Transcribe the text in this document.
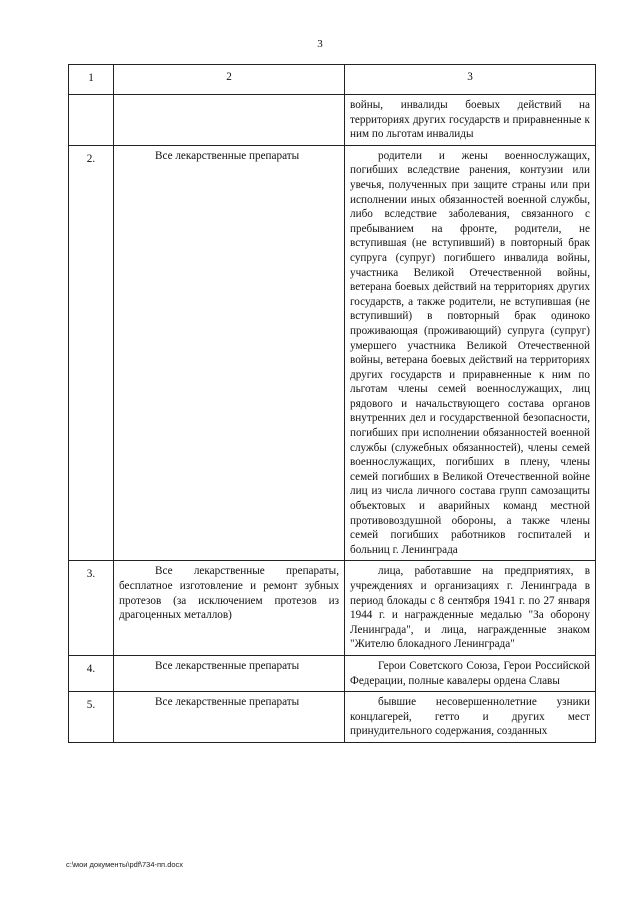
3
1	2	3

		войны, инвалиды боевых действий на территориях других государств и приравненные к ним по льготам инвалиды

2.	Все лекарственные препараты	родители и жены военнослужащих, погибших вследствие ранения, контузии или увечья, полученных при защите страны или при исполнении иных обязанностей военной службы, либо вследствие заболевания, связанного с пребыванием на фронте, родители, не вступившая (не вступивший) в повторный брак супруга (супруг) погибшего инвалида войны, участника Великой Отечественной войны, ветерана боевых действий на территориях других государств, а также родители, не вступившая (не вступивший) в повторный брак одиноко проживающая (проживающий) супруга (супруг) умершего участника Великой Отечественной войны, ветерана боевых действий на территориях других государств и приравненные к ним по льготам члены семей военнослужащих, лиц рядового и начальствующего состава органов внутренних дел и государственной безопасности, погибших при исполнении обязанностей военной службы (служебных обязанностей), члены семей военнослужащих, погибших в плену, члены семей погибших в Великой Отечественной войне лиц из числа личного состава групп самозащиты объектовых и аварийных команд местной противовоздушной обороны, а также члены семей погибших работников госпиталей и больниц г. Ленинграда

3.	Все лекарственные препараты, бесплатное изготовление и ремонт зубных протезов (за исключением протезов из драгоценных металлов)	лица, работавшие на предприятиях, в учреждениях и организациях г. Ленинграда в период блокады с 8 сентября 1941 г. по 27 января 1944 г. и награжденные медалью "За оборону Ленинграда", и лица, награжденные знаком "Жителю блокадного Ленинграда"

4.	Все лекарственные препараты	Герои Советского Союза, Герои Российской Федерации, полные кавалеры ордена Славы

5.	Все лекарственные препараты	бывшие несовершеннолетние узники концлагерей, гетто и других мест принудительного содержания, созданных
c:\мои документы\pdf\734-пп.docx
